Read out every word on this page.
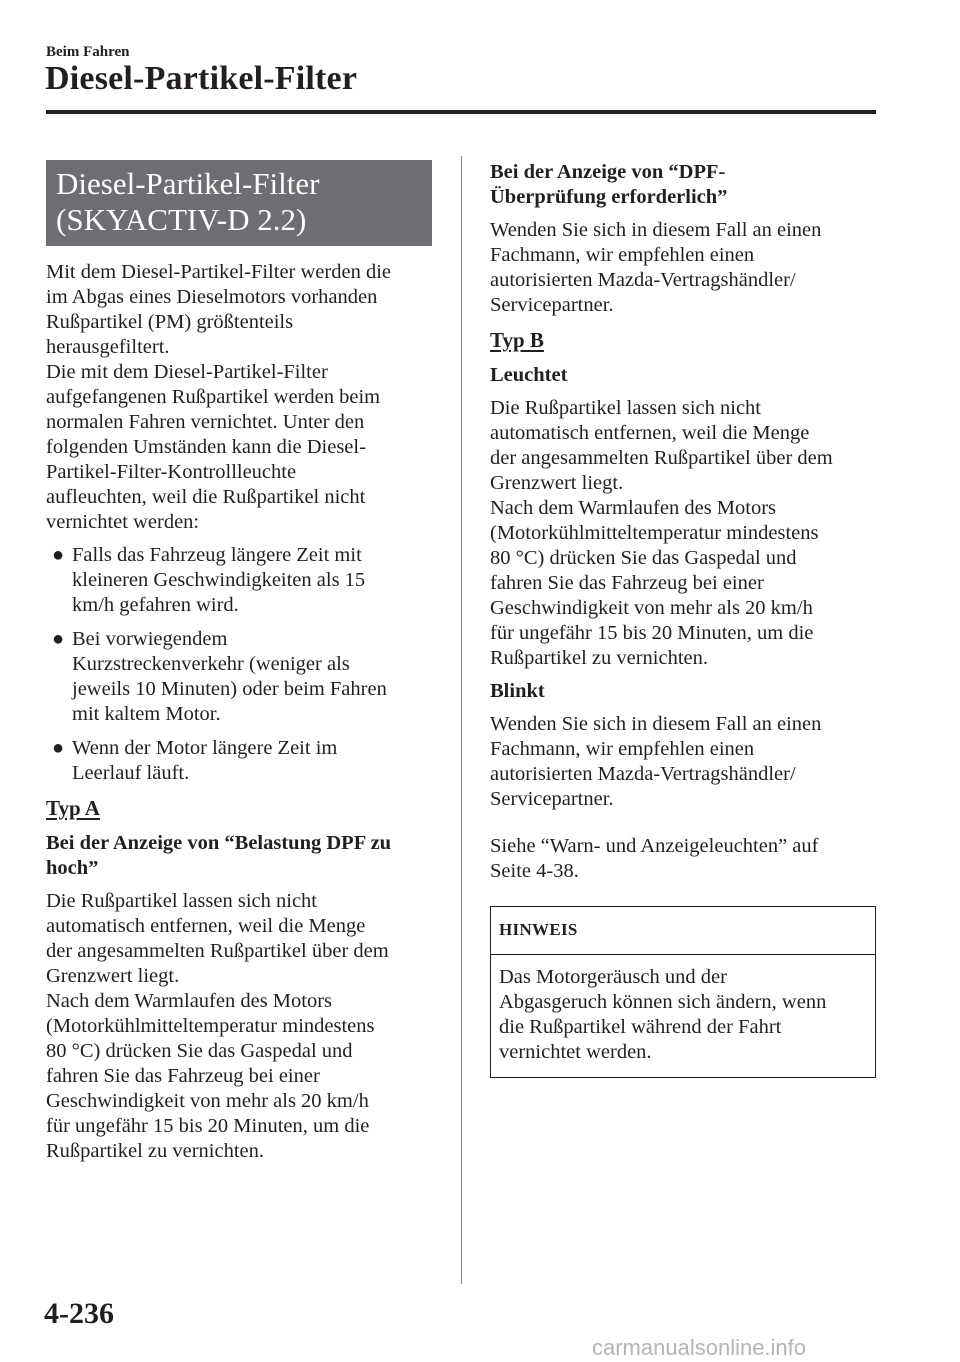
Beim Fahren
Diesel-Partikel-Filter
Diesel-Partikel-Filter
(SKYACTIV-D 2.2)

Mit dem Diesel-Partikel-Filter werden die
im Abgas eines Dieselmotors vorhanden
Rußpartikel (PM) größtenteils
herausgefiltert.
Die mit dem Diesel-Partikel-Filter
aufgefangenen Rußpartikel werden beim
normalen Fahren vernichtet. Unter den
folgenden Umständen kann die Diesel-
Partikel-Filter-Kontrollleuchte
aufleuchten, weil die Rußpartikel nicht
vernichtet werden:

● Falls das Fahrzeug längere Zeit mit
kleineren Geschwindigkeiten als 15
km/h gefahren wird.
● Bei vorwiegendem
Kurzstreckenverkehr (weniger als
jeweils 10 Minuten) oder beim Fahren
mit kaltem Motor.
● Wenn der Motor längere Zeit im
Leerlauf läuft.
Typ A

Bei der Anzeige von “Belastung DPF zu
hoch”

Die Rußpartikel lassen sich nicht
automatisch entfernen, weil die Menge
der angesammelten Rußpartikel über dem
Grenzwert liegt.
Nach dem Warmlaufen des Motors
(Motorkühlmitteltemperatur mindestens
80 °C) drücken Sie das Gaspedal und
fahren Sie das Fahrzeug bei einer
Geschwindigkeit von mehr als 20 km/h
für ungefähr 15 bis 20 Minuten, um die
Rußpartikel zu vernichten.

Bei der Anzeige von “DPF-
Überprüfung erforderlich”

Wenden Sie sich in diesem Fall an einen
Fachmann, wir empfehlen einen
autorisierten Mazda-Vertragshändler/
Servicepartner.

Typ B

Leuchtet

Die Rußpartikel lassen sich nicht
automatisch entfernen, weil die Menge
der angesammelten Rußpartikel über dem
Grenzwert liegt.
Nach dem Warmlaufen des Motors
(Motorkühlmitteltemperatur mindestens
80 °C) drücken Sie das Gaspedal und
fahren Sie das Fahrzeug bei einer
Geschwindigkeit von mehr als 20 km/h
für ungefähr 15 bis 20 Minuten, um die
Rußpartikel zu vernichten.

Blinkt

Wenden Sie sich in diesem Fall an einen
Fachmann, wir empfehlen einen
autorisierten Mazda-Vertragshändler/
Servicepartner.

Siehe “Warn- und Anzeigeleuchten” auf
Seite 4-38.

HINWEIS
Das Motorgeräusch und der
Abgasgeruch können sich ändern, wenn
die Rußpartikel während der Fahrt
vernichtet werden.
4-236
carmanualsonline.info
